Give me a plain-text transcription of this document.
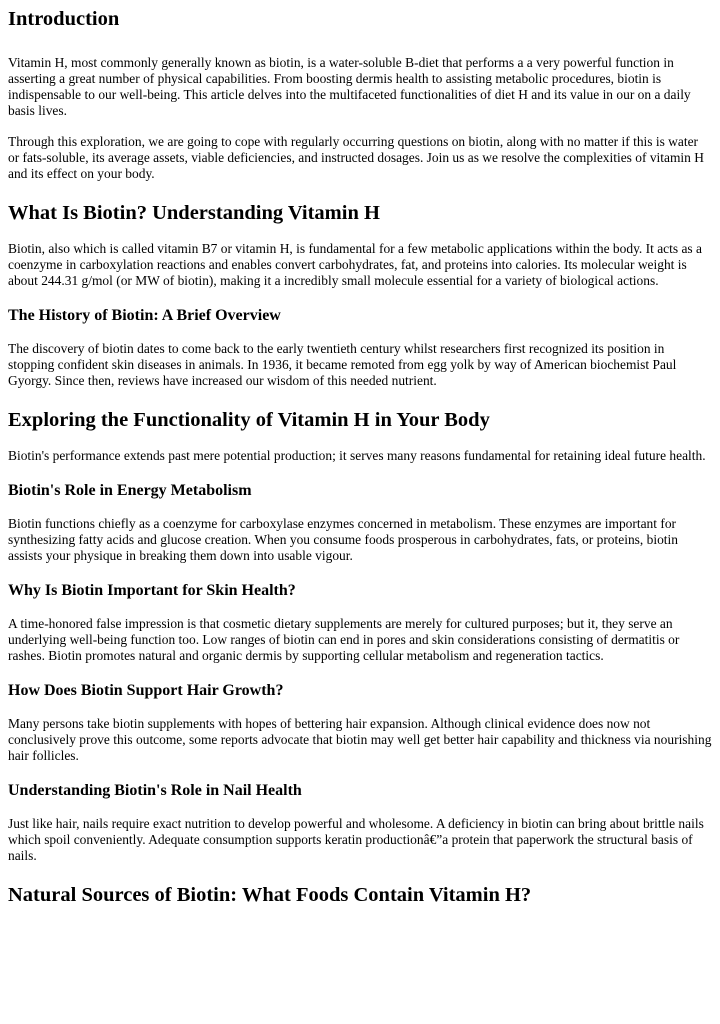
Introduction

Vitamin H, most commonly generally known as biotin, is a water-soluble B-diet that performs a a very powerful function in asserting a great number of physical capabilities. From boosting dermis health to assisting metabolic procedures, biotin is indispensable to our well-being. This article delves into the multifaceted functionalities of diet H and its value in our on a daily basis lives.

Through this exploration, we are going to cope with regularly occurring questions on biotin, along with no matter if this is water or fats-soluble, its average assets, viable deficiencies, and instructed dosages. Join us as we resolve the complexities of vitamin H and its effect on your body.

What Is Biotin? Understanding Vitamin H

Biotin, also which is called vitamin B7 or vitamin H, is fundamental for a few metabolic applications within the body. It acts as a coenzyme in carboxylation reactions and enables convert carbohydrates, fat, and proteins into calories. Its molecular weight is about 244.31 g/mol (or MW of biotin), making it a incredibly small molecule essential for a variety of biological actions.

The History of Biotin: A Brief Overview

The discovery of biotin dates to come back to the early twentieth century whilst researchers first recognized its position in stopping confident skin diseases in animals. In 1936, it became remoted from egg yolk by way of American biochemist Paul Gyorgy. Since then, reviews have increased our wisdom of this needed nutrient.

Exploring the Functionality of Vitamin H in Your Body

Biotin's performance extends past mere potential production; it serves many reasons fundamental for retaining ideal future health.

Biotin's Role in Energy Metabolism

Biotin functions chiefly as a coenzyme for carboxylase enzymes concerned in metabolism. These enzymes are important for synthesizing fatty acids and glucose creation. When you consume foods prosperous in carbohydrates, fats, or proteins, biotin assists your physique in breaking them down into usable vigour.

Why Is Biotin Important for Skin Health?

A time-honored false impression is that cosmetic dietary supplements are merely for cultured purposes; but it, they serve an underlying well-being function too. Low ranges of biotin can end in pores and skin considerations consisting of dermatitis or rashes. Biotin promotes natural and organic dermis by supporting cellular metabolism and regeneration tactics.

How Does Biotin Support Hair Growth?

Many persons take biotin supplements with hopes of bettering hair expansion. Although clinical evidence does now not conclusively prove this outcome, some reports advocate that biotin may well get better hair capability and thickness via nourishing hair follicles.

Understanding Biotin's Role in Nail Health

Just like hair, nails require exact nutrition to develop powerful and wholesome. A deficiency in biotin can bring about brittle nails which spoil conveniently. Adequate consumption supports keratin productionâ€”a protein that paperwork the structural basis of nails.

Natural Sources of Biotin: What Foods Contain Vitamin H?
